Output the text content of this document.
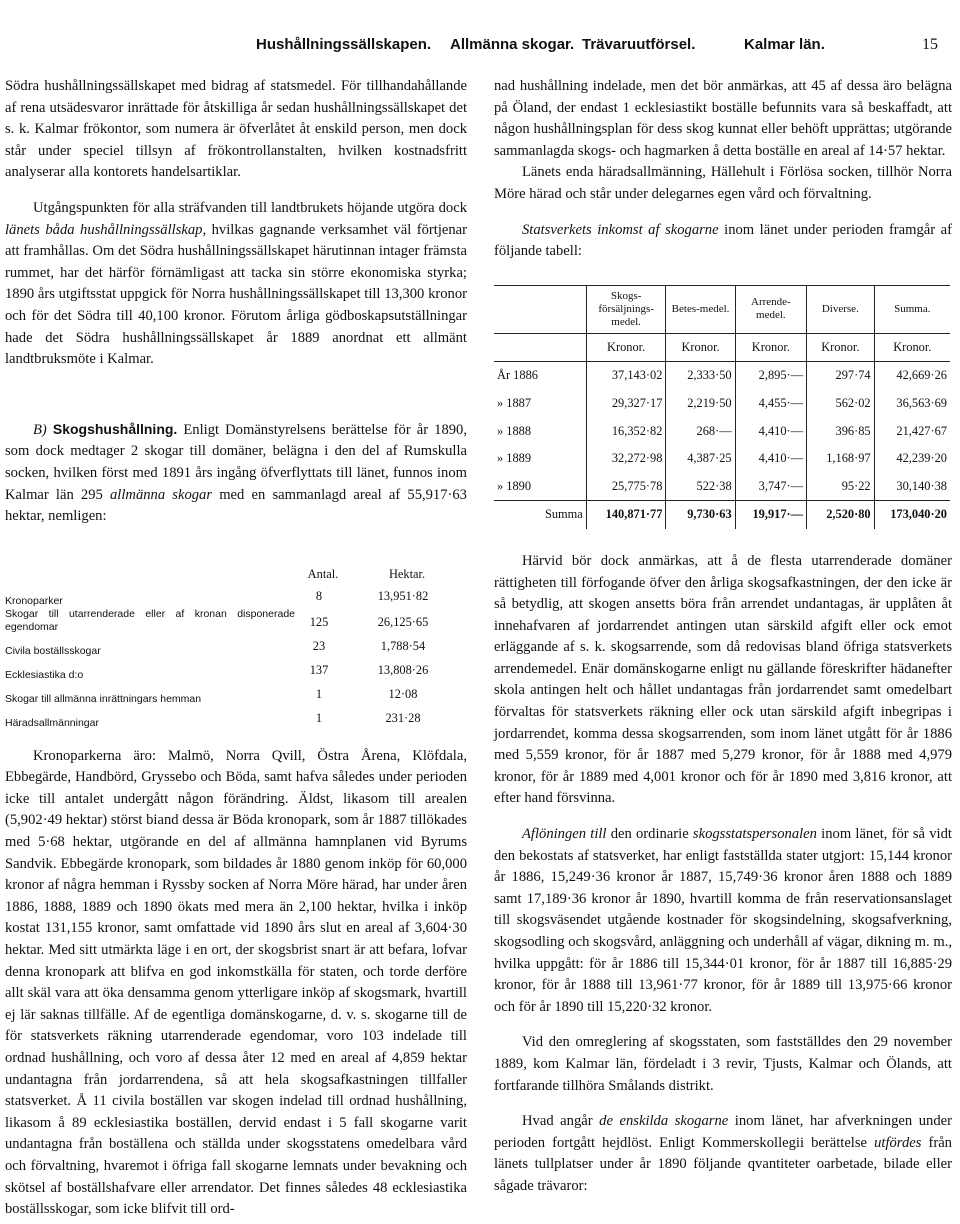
Hushållningssällskapen. Allmänna skogar. Trävaruutförsel.	Kalmar län.	15

Södra hushållningssällskapet med bidrag af statsmedel. För tillhandahållande af rena utsädesvaror inrättade för åtskilliga år sedan hushållningssällskapet det s. k. Kalmar frökontor, som numera är öfverlåtet åt enskild person, men dock står under speciel tillsyn af frökontrollanstalten, hvilken kostnadsfritt analyserar alla kontorets handelsartiklar.

Utgångspunkten för alla sträfvanden till landtbrukets höjande utgöra dock länets båda hushållningssällskap, hvilkas gagnande verksamhet väl förtjenar att framhållas. Om det Södra hushållningssällskapet härutinnan intager främsta rummet, har det härför förnämligast att tacka sin större ekonomiska styrka; 1890 års utgiftsstat uppgick för Norra hushållningssällskapet till 13,300 kronor och för det Södra till 40,100 kronor. Förutom årliga gödboskapsutställningar hade det Södra hushållningssällskapet år 1889 anordnat ett allmänt landtbruksmöte i Kalmar.

B) Skogshushållning. Enligt Domänstyrelsens berättelse för år 1890, som dock medtager 2 skogar till domäner, belägna i den del af Rumskulla socken, hvilken först med 1891 års ingång öfverflyttats till länet, funnos inom Kalmar län 295 allmänna skogar med en sammanlagd areal af 55,917·63 hektar, nemligen:

Antal.	Hektar.
Kronoparker	8	13,951·82
Skogar till utarrenderade eller af kronan disponerade egendomar	125	26,125·65
Civila boställsskogar	23	1,788·54
Ecklesiastika d:o	137	13,808·26
Skogar till allmänna inrättningars hemman	1	12·08
Häradsallmänningar	1	231·28

Kronoparkerna äro: Malmö, Norra Qvill, Östra Årena, Klöfdala, Ebbegärde, Handbörd, Gryssebo och Böda, samt hafva således under perioden icke till antalet undergått någon förändring. Äldst, likasom till arealen (5,902·49 hektar) störst biand dessa är Böda kronopark, som år 1887 tillökades med 5·68 hektar, utgörande en del af allmänna hamnplanen vid Byrums Sandvik. Ebbegärde kronopark, som bildades år 1880 genom inköp för 60,000 kronor af några hemman i Ryssby socken af Norra Möre härad, har under åren 1886, 1888, 1889 och 1890 ökats med mera än 2,100 hektar, hvilka i inköp kostat 131,155 kronor, samt omfattade vid 1890 års slut en areal af 3,604·30 hektar. Med sitt utmärkta läge i en ort, der skogsbrist snart är att befara, lofvar denna kronopark att blifva en god inkomstkälla för staten, och torde derföre allt skäl vara att öka densamma genom ytterligare inköp af skogsmark, hvartill ej lär saknas tillfälle. Af de egentliga domänskogarne, d. v. s. skogarne till de för statsverkets räkning utarrenderade egendomar, voro 103 indelade till ordnad hushållning, och voro af dessa åter 12 med en areal af 4,859 hektar undantagna från jordarrendena, så att hela skogsafkastningen tillfaller statsverket. Å 11 civila boställen var skogen indelad till ordnad hushållning, likasom å 89 ecklesiastika boställen, dervid endast i 5 fall skogarne varit undantagna från boställena och ställda under skogsstatens omedelbara vård och förvaltning, hvaremot i öfriga fall skogarne lemnats under bevakning och skötsel af boställshafvare eller arrendator. Det finnes således 48 ecklesiastika boställsskogar, som icke blifvit till ord-

nad hushållning indelade, men det bör anmärkas, att 45 af dessa äro belägna på Öland, der endast 1 ecklesiastikt boställe befunnits vara så beskaffadt, att någon hushållningsplan för dess skog kunnat eller behöft upprättas; utgörande sammanlagda skogs- och hagmarken å detta boställe en areal af 14·57 hektar.

Länets enda häradsallmänning, Hällehult i Förlösa socken, tillhör Norra Möre härad och står under delegarnes egen vård och förvaltning.

Statsverkets inkomst af skogarne inom länet under perioden framgår af följande tabell:

	Skogs-försäljnings-medel.	Betes-medel.	Arrende-medel.	Diverse.	Summa.
	Kronor.	Kronor.	Kronor.	Kronor.	Kronor.
År 1886	37,143·02	2,333·50	2,895·—	297·74	42,669·26
» 1887	29,327·17	2,219·50	4,455·—	562·02	36,563·69
» 1888	16,352·82	268·—	4,410·—	396·85	21,427·67
» 1889	32,272·98	4,387·25	4,410·—	1,168·97	42,239·20
» 1890	25,775·78	522·38	3,747·—	95·22	30,140·38
Summa	140,871·77	9,730·63	19,917·—	2,520·80	173,040·20

Härvid bör dock anmärkas, att å de flesta utarrenderade domäner rättigheten till förfogande öfver den årliga skogsafkastningen, der den icke är så betydlig, att skogen ansetts böra från arrendet undantagas, är upplåten åt innehafvaren af jordarrendet antingen utan särskild afgift eller ock emot erläggande af s. k. skogsarrende, som då redovisas bland öfriga statsverkets arrendemedel. Enär domänskogarne enligt nu gällande föreskrifter hädanefter skola antingen helt och hållet undantagas från jordarrendet samt omedelbart förvaltas för statsverkets räkning eller ock utan särskild afgift inbegripas i jordarrendet, komma dessa skogsarrenden, som inom länet utgått för år 1886 med 5,559 kronor, för år 1887 med 5,279 kronor, för år 1888 med 4,979 kronor, för år 1889 med 4,001 kronor och för år 1890 med 3,816 kronor, att efter hand försvinna.

Aflöningen till den ordinarie skogsstatspersonalen inom länet, för så vidt den bekostats af statsverket, har enligt fastställda stater utgjort: 15,144 kronor år 1886, 15,249·36 kronor år 1887, 15,749·36 kronor åren 1888 och 1889 samt 17,189·36 kronor år 1890, hvartill komma de från reservationsanslaget till skogsväsendet utgående kostnader för skogsindelning, skogsafverkning, skogsodling och skogsvård, anläggning och underhåll af vägar, dikning m. m., hvilka uppgått: för år 1886 till 15,344·01 kronor, för år 1887 till 16,885·29 kronor, för år 1888 till 13,961·77 kronor, för år 1889 till 13,975·66 kronor och för år 1890 till 15,220·32 kronor.

Vid den omreglering af skogsstaten, som fastställdes den 29 november 1889, kom Kalmar län, fördeladt i 3 revir, Tjusts, Kalmar och Ölands, att fortfarande tillhöra Smålands distrikt.

Hvad angår de enskilda skogarne inom länet, har afverkningen under perioden fortgått hejdlöst. Enligt Kommerskollegii berättelse utfördes från länets tullplatser under år 1890 följande qvantiteter oarbetade, bilade eller sågade trävaror:
